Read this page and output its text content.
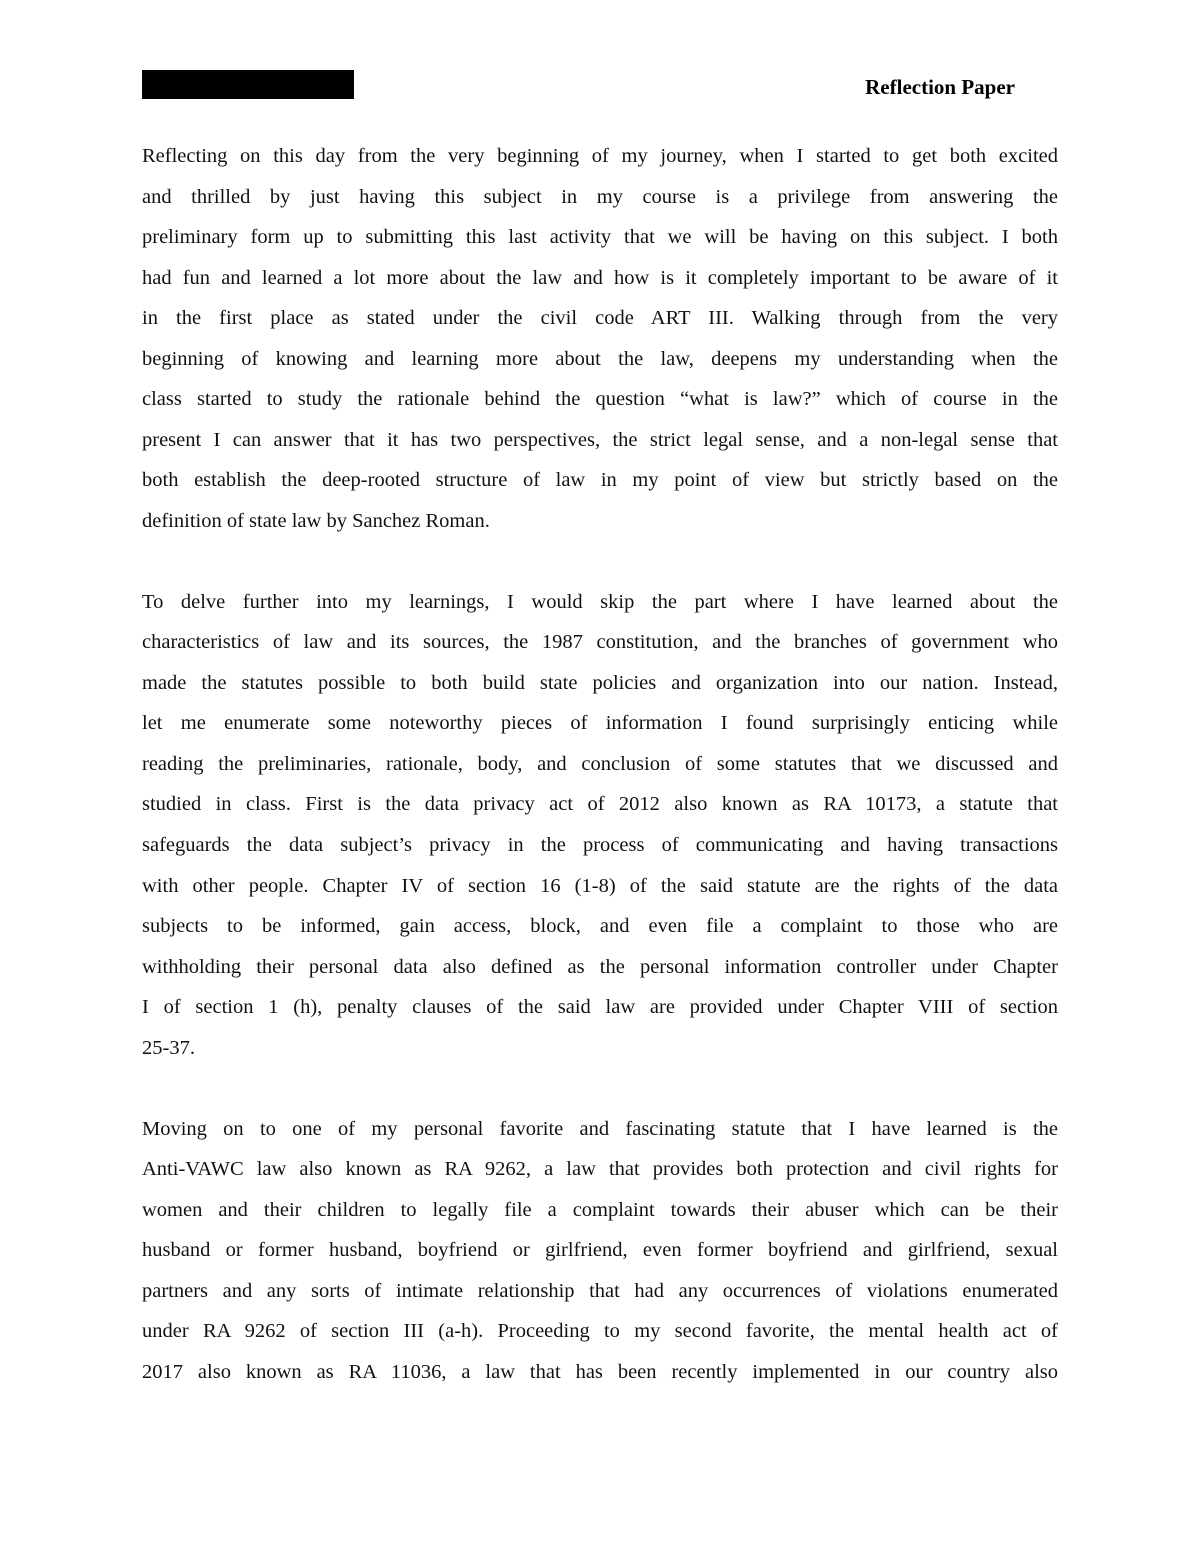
Reflection Paper
Reflecting on this day from the very beginning of my journey, when I started to get both excited
and thrilled by just having this subject in my course is a privilege from answering the
preliminary form up to submitting this last activity that we will be having on this subject. I both
had fun and learned a lot more about the law and how is it completely important to be aware of it
in the first place as stated under the civil code ART III. Walking through from the very
beginning of knowing and learning more about the law, deepens my understanding when the
class started to study the rationale behind the question “what is law?” which of course in the
present I can answer that it has two perspectives, the strict legal sense, and a non-legal sense that
both establish the deep-rooted structure of law in my point of view but strictly based on the
definition of state law by Sanchez Roman.
To delve further into my learnings, I would skip the part where I have learned about the
characteristics of law and its sources, the 1987 constitution, and the branches of government who
made the statutes possible to both build state policies and organization into our nation. Instead,
let me enumerate some noteworthy pieces of information I found surprisingly enticing while
reading the preliminaries, rationale, body, and conclusion of some statutes that we discussed and
studied in class. First is the data privacy act of 2012 also known as RA 10173, a statute that
safeguards the data subject’s privacy in the process of communicating and having transactions
with other people. Chapter IV of section 16 (1-8) of the said statute are the rights of the data
subjects to be informed, gain access, block, and even file a complaint to those who are
withholding their personal data also defined as the personal information controller under Chapter
I of section 1 (h), penalty clauses of the said law are provided under Chapter VIII of section
25-37.
Moving on to one of my personal favorite and fascinating statute that I have learned is the
Anti-VAWC law also known as RA 9262, a law that provides both protection and civil rights for
women and their children to legally file a complaint towards their abuser which can be their
husband or former husband, boyfriend or girlfriend, even former boyfriend and girlfriend, sexual
partners and any sorts of intimate relationship that had any occurrences of violations enumerated
under RA 9262 of section III (a-h). Proceeding to my second favorite, the mental health act of
2017 also known as RA 11036, a law that has been recently implemented in our country also
